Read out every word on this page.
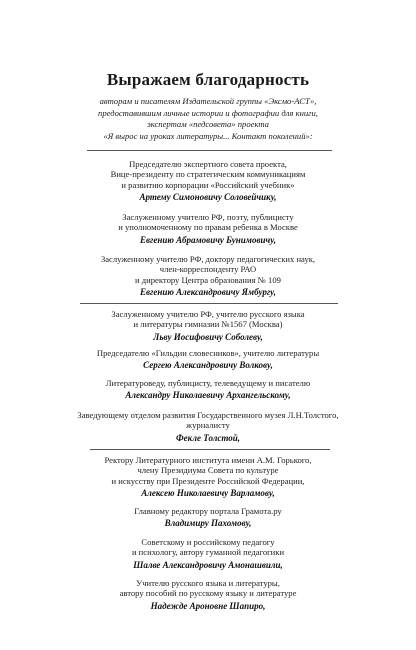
Выражаем благодарность
авторам и писателям Издательской группы «Эксмо-АСТ»,
предоставившим личные истории и фотографии для книги,
экспертам «педсовета» проекта
«Я вырос на уроках литературы... Контакт поколений»:
Председателю экспертного совета проекта,
Вице-президенту по стратегическим коммуникациям
и развитию корпорации «Российский учебник»
Артему Симоновичу Соловейчику,
Заслуженному учителю РФ, поэту, публицисту
и уполномоченному по правам ребенка в Москве
Евгению Абрамовичу Бунимовичу,
Заслуженному учителю РФ, доктору педагогических наук,
член-корреспонденту РАО
и директору Центра образования № 109
Евгению Александровичу Ямбургу,
Заслуженному учителю РФ, учителю русского языка
и литературы гимназии №1567 (Москва)
Льву Иосифовичу Соболеву,
Председателю «Гильдии словесников», учителю литературы
Сергею Александровичу Волкову,
Литературоведу, публицисту, телеведущему и писателю
Александру Николаевичу Архангельскому,
Заведующему отделом развития Государственного музея Л.Н.Толстого,
журналисту
Фекле Толстой,
Ректору Литературного института имени А.М. Горького,
члену Президиума Совета по культуре
и искусству при Президенте Российской Федерации,
Алексею Николаевичу Варламову,
Главному редактору портала Грамота.ру
Владимиру Пахомову,
Советскому и российскому педагогу
и психологу, автору гуманной педагогики
Шалве Александровичу Амонашвили,
Учителю русского языка и литературы,
автору пособий по русскому языку и литературе
Надежде Ароновне Шапиро,
